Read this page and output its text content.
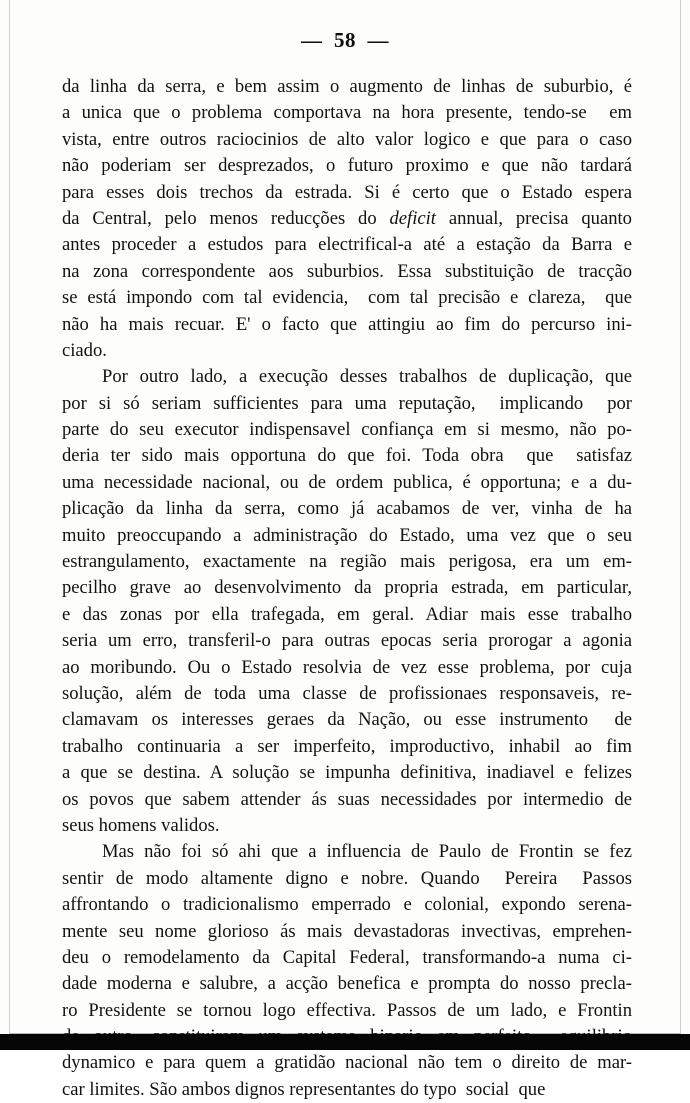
—  58  —

da linha da serra, e bem assim o augmento de linhas de suburbio, é
a unica que o problema comportava na hora presente, tendo-se  em
vista, entre outros raciocinios de alto valor logico e que para o caso
não poderiam ser desprezados, o futuro proximo e que não tardará
para esses dois trechos da estrada. Si é certo que o Estado espera
da Central, pelo menos reducções do deficit annual, precisa quanto
antes proceder a estudos para electrifical-a até a estação da Barra e
na zona correspondente aos suburbios. Essa substituição de tracção
se está impondo com tal evidencia,  com tal precisão e clareza,  que
não ha mais recuar. E' o facto que attingiu ao fim do percurso ini-
ciado.

Por outro lado, a execução desses trabalhos de duplicação, que
por si só seriam sufficientes para uma reputação,  implicando  por
parte do seu executor indispensavel confiança em si mesmo, não po-
deria ter sido mais opportuna do que foi. Toda obra  que  satisfaz
uma necessidade nacional, ou de ordem publica, é opportuna; e a du-
plicação da linha da serra, como já acabamos de ver, vinha de ha
muito preoccupando a administração do Estado, uma vez que o seu
estrangulamento, exactamente na região mais perigosa, era um em-
pecilho grave ao desenvolvimento da propria estrada, em particular,
e das zonas por ella trafegada, em geral. Adiar mais esse trabalho
seria um erro, transferil-o para outras epocas seria prorogar a agonia
ao moribundo. Ou o Estado resolvia de vez esse problema, por cuja
solução, além de toda uma classe de profissionaes responsaveis, re-
clamavam os interesses geraes da Nação, ou esse instrumento  de
trabalho continuaria a ser imperfeito, improductivo, inhabil ao fim
a que se destina. A solução se impunha definitiva, inadiavel e felizes
os povos que sabem attender ás suas necessidades por intermedio de
seus homens validos.

Mas não foi só ahi que a influencia de Paulo de Frontin se fez
sentir de modo altamente digno e nobre. Quando  Pereira  Passos
affrontando o tradicionalismo emperrado e colonial, expondo serena-
mente seu nome glorioso ás mais devastadoras invectivas, emprehen-
deu o remodelamento da Capital Federal, transformando-a numa ci-
dade moderna e salubre, a acção benefica e prompta do nosso precla-
ro Presidente se tornou logo effectiva. Passos de um lado, e Frontin
dynamico e para quem a gratidão nacional não tem o direito de mar-
car limites. São ambos dignos representantes do typo  social  que
